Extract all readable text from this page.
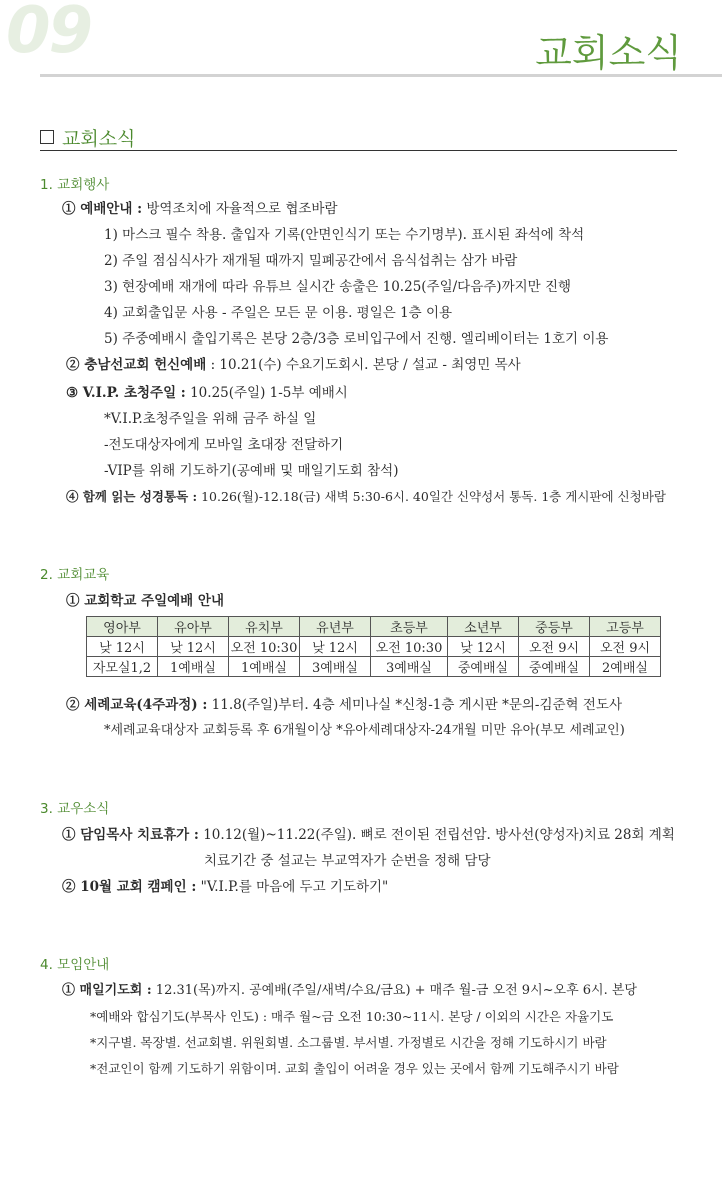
09	교회소식
교회소식
1. 교회행사
① 예배안내 : 방역조치에 자율적으로 협조바람
1) 마스크 필수 착용. 출입자 기록(안면인식기 또는 수기명부). 표시된 좌석에 착석
2) 주일 점심식사가 재개될 때까지 밀폐공간에서 음식섭취는 삼가 바람
3) 현장예배 재개에 따라 유튜브 실시간 송출은 10.25(주일/다음주)까지만 진행
4) 교회출입문 사용 - 주일은 모든 문 이용. 평일은 1층 이용
5) 주중예배시 출입기록은 본당 2층/3층 로비입구에서 진행. 엘리베이터는 1호기 이용
② 충남선교회 헌신예배 : 10.21(수) 수요기도회시. 본당 / 설교 - 최영민 목사
③ V.I.P. 초청주일 : 10.25(주일) 1-5부 예배시
*V.I.P.초청주일을 위해 금주 하실 일
-전도대상자에게 모바일 초대장 전달하기
-VIP를 위해 기도하기(공예배 및 매일기도회 참석)
④ 함께 읽는 성경통독 : 10.26(월)-12.18(금) 새벽 5:30-6시. 40일간 신약성서 통독. 1층 게시판에 신청바람
2. 교회교육
① 교회학교 주일예배 안내
영아부	유아부	유치부	유년부	초등부	소년부	중등부	고등부
낮 12시	낮 12시	오전 10:30	낮 12시	오전 10:30	낮 12시	오전 9시	오전 9시
자모실1,2	1예배실	1예배실	3예배실	3예배실	중예배실	중예배실	2예배실
② 세례교육(4주과정) : 11.8(주일)부터. 4층 세미나실 *신청-1층 게시판 *문의-김준혁 전도사
*세례교육대상자 교회등록 후 6개월이상 *유아세례대상자-24개월 미만 유아(부모 세례교인)
3. 교우소식
① 담임목사 치료휴가 : 10.12(월)~11.22(주일). 뼈로 전이된 전립선암. 방사선(양성자)치료 28회 계획
치료기간 중 설교는 부교역자가 순번을 정해 담당
② 10월 교회 캠페인 : "V.I.P.를 마음에 두고 기도하기"
4. 모임안내
① 매일기도회 : 12.31(목)까지. 공예배(주일/새벽/수요/금요) + 매주 월-금 오전 9시~오후 6시. 본당
*예배와 합심기도(부목사 인도) : 매주 월~금 오전 10:30~11시. 본당 / 이외의 시간은 자율기도
*지구별. 목장별. 선교회별. 위원회별. 소그룹별. 부서별. 가정별로 시간을 정해 기도하시기 바람
*전교인이 함께 기도하기 위함이며. 교회 출입이 어려울 경우 있는 곳에서 함께 기도해주시기 바람
